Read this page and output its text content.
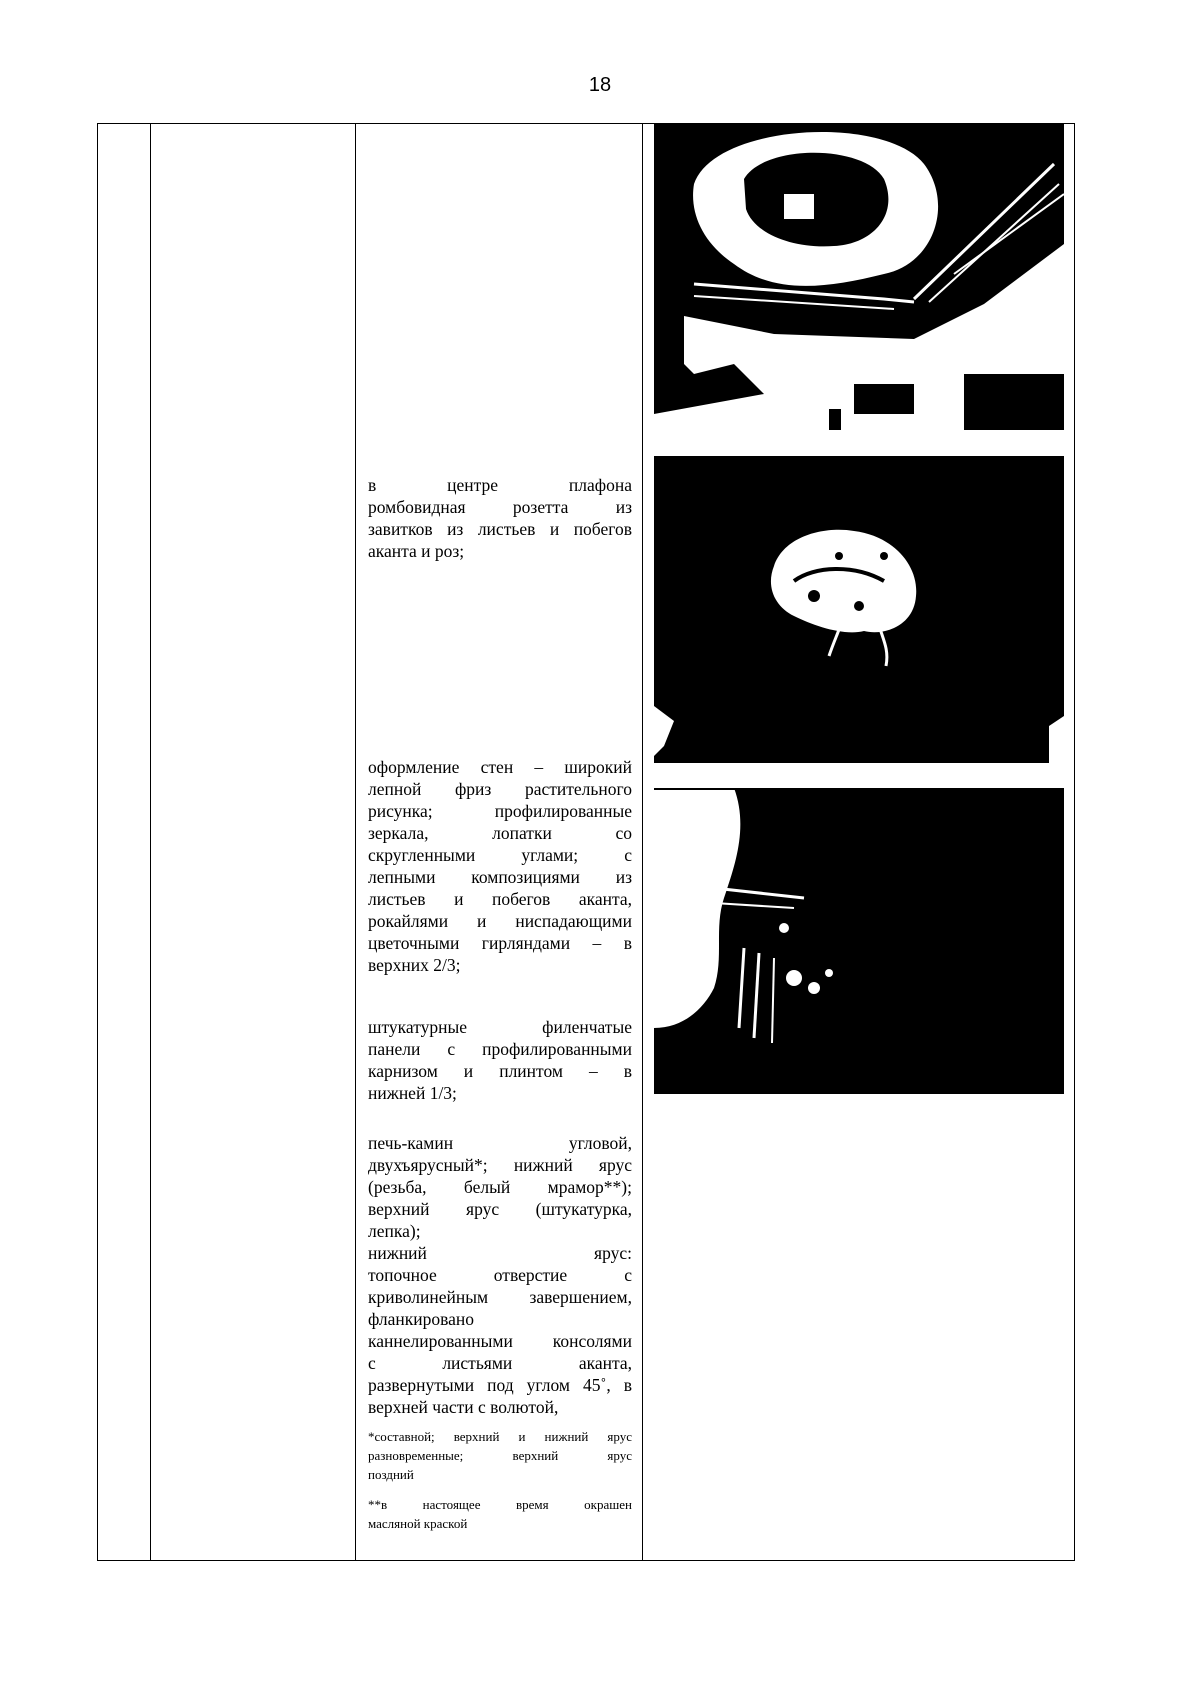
18
в центре плафона
ромбовидная розетта из
завитков из листьев и побегов
аканта и роз;
оформление стен – широкий
лепной фриз растительного
рисунка; профилированные
зеркала, лопатки со
скругленными углами; с
лепными композициями из
листьев и побегов аканта,
рокайлями и ниспадающими
цветочными гирляндами – в
верхних 2/3;
штукатурные филенчатые
панели с профилированными
карнизом и плинтом – в
нижней 1/3;
печь-камин угловой,
двухъярусный*; нижний ярус
(резьба, белый мрамор**);
верхний ярус (штукатурка,
лепка);
нижний ярус:
топочное отверстие с
криволинейным завершением,
фланкировано
каннелированными консолями
с листьями аканта,
развернутыми под углом 45˚, в
верхней части с волютой,
*составной; верхний и нижний ярус
разновременные; верхний ярус
поздний
**в настоящее время окрашен
масляной краской
